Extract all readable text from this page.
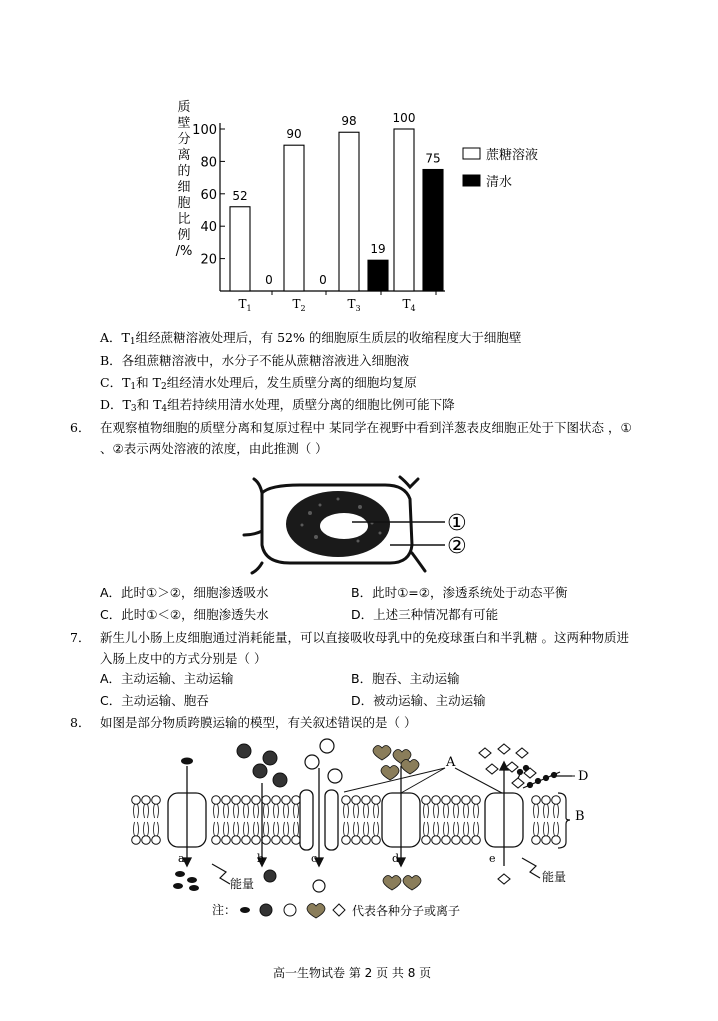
质
壁
分
离
的
细
胞
比
例
/%
20
40
60
80
100
52
0
90
0
98
19
100
75
$T_1$	$T_2$	$T_3$	$T_4$
蔗糖溶液
清水
A．$T_1$组经蔗糖溶液处理后，有 52% 的细胞原生质层的收缩程度大于细胞壁
B．各组蔗糖溶液中，水分子不能从蔗糖溶液进入细胞液
C．$T_1$和 $T_2$组经清水处理后，发生质壁分离的细胞均复原
D．$T_3$和 $T_4$组若持续用清水处理，质壁分离的细胞比例可能下降
6． 在观察植物细胞的质壁分离和复原过程中 某同学在视野中看到洋葱表皮细胞正处于下图状态 ，①
、②表示两处溶液的浓度，由此推测（ ）
①
②
A．此时①＞②，细胞渗透吸水	B．此时①=②，渗透系统处于动态平衡
C．此时①＜②，细胞渗透失水	D．上述三种情况都有可能
7． 新生儿小肠上皮细胞通过消耗能量，可以直接吸收母乳中的免疫球蛋白和半乳糖 。这两种物质进
入肠上皮中的方式分别是（ ）
A．主动运输、主动运输	B．胞吞、主动运输
C．主动运输、胞吞	D．被动运输、主动运输
8． 如图是部分物质跨膜运输的模型，有关叙述错误的是（ ）
A
B
D
a	b	c	d	e
能量	能量
注：	代表各种分子或离子
高一生物试卷 第 2 页 共 8 页
